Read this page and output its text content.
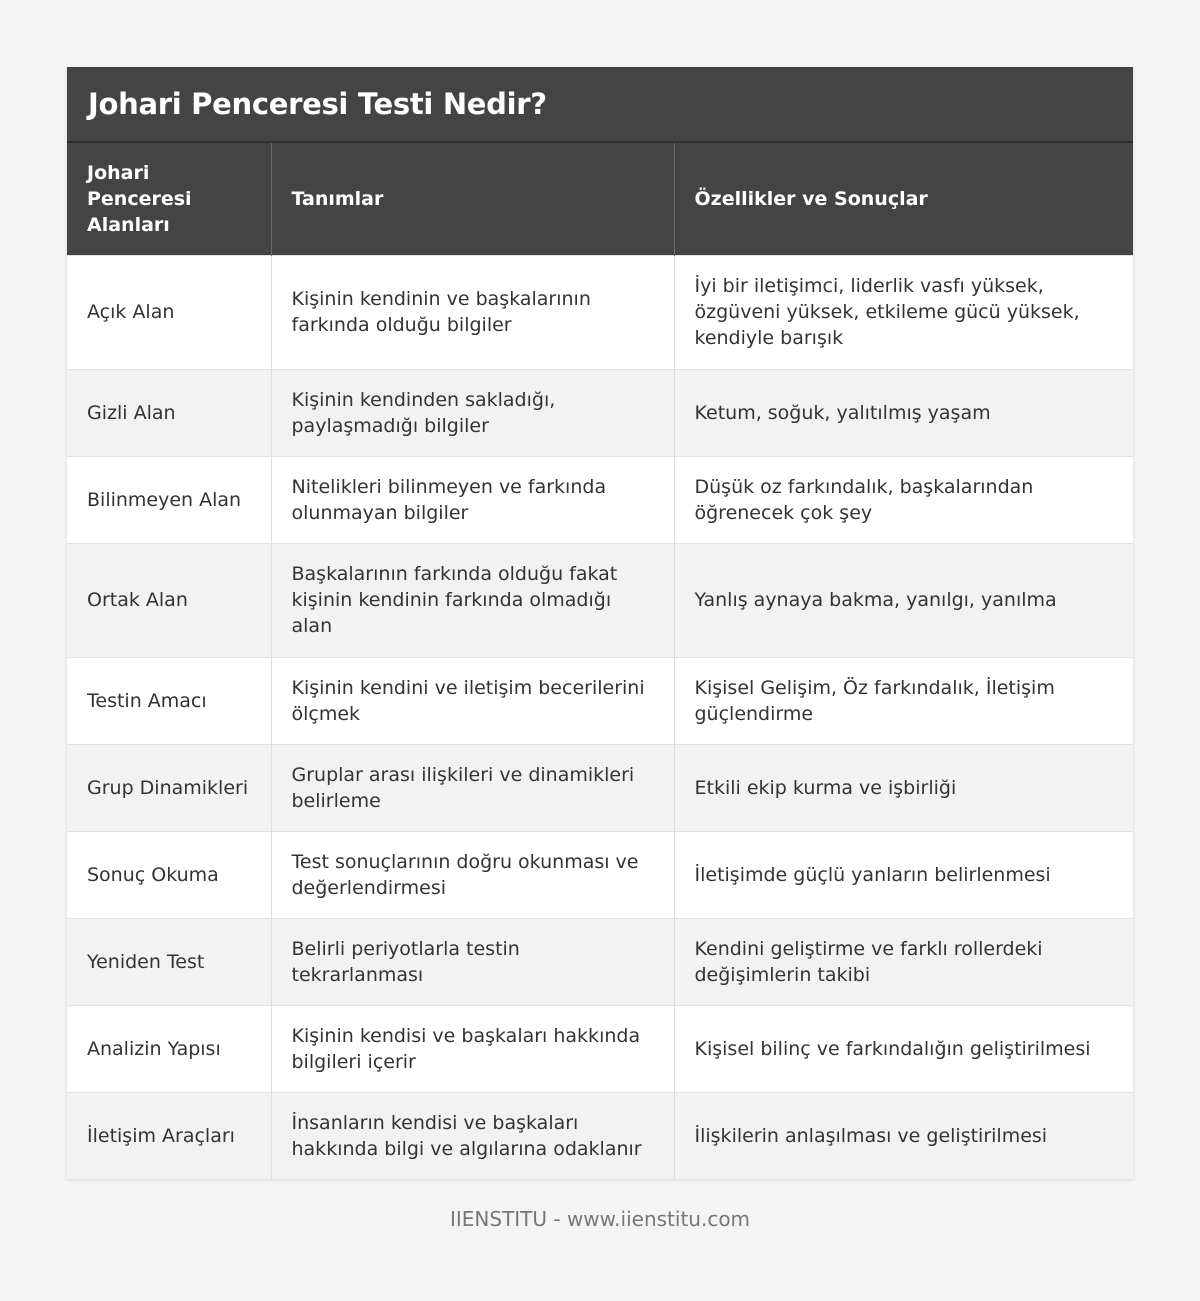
Johari Penceresi Testi Nedir?
Johari Penceresi Alanları	Tanımlar	Özellikler ve Sonuçlar
Açık Alan	Kişinin kendinin ve başkalarının farkında olduğu bilgiler	İyi bir iletişimci, liderlik vasfı yüksek, özgüveni yüksek, etkileme gücü yüksek, kendiyle barışık
Gizli Alan	Kişinin kendinden sakladığı, paylaşmadığı bilgiler	Ketum, soğuk, yalıtılmış yaşam
Bilinmeyen Alan	Nitelikleri bilinmeyen ve farkında olunmayan bilgiler	Düşük oz farkındalık, başkalarından öğrenecek çok şey
Ortak Alan	Başkalarının farkında olduğu fakat kişinin kendinin farkında olmadığı alan	Yanlış aynaya bakma, yanılgı, yanılma
Testin Amacı	Kişinin kendini ve iletişim becerilerini ölçmek	Kişisel Gelişim, Öz farkındalık, İletişim güçlendirme
Grup Dinamikleri	Gruplar arası ilişkileri ve dinamikleri belirleme	Etkili ekip kurma ve işbirliği
Sonuç Okuma	Test sonuçlarının doğru okunması ve değerlendirmesi	İletişimde güçlü yanların belirlenmesi
Yeniden Test	Belirli periyotlarla testin tekrarlanması	Kendini geliştirme ve farklı rollerdeki değişimlerin takibi
Analizin Yapısı	Kişinin kendisi ve başkaları hakkında bilgileri içerir	Kişisel bilinç ve farkındalığın geliştirilmesi
İletişim Araçları	İnsanların kendisi ve başkaları hakkında bilgi ve algılarına odaklanır	İlişkilerin anlaşılması ve geliştirilmesi
IIENSTITU - www.iienstitu.com
